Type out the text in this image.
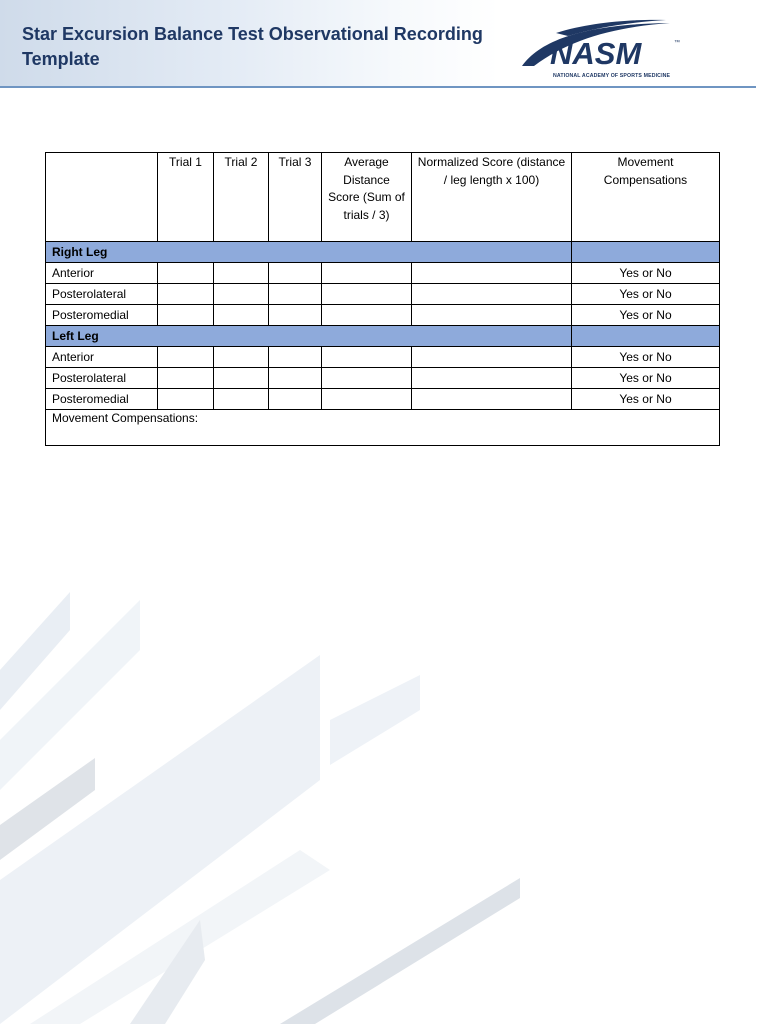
Star Excursion Balance Test Observational Recording Template	NASM	™
NATIONAL ACADEMY OF SPORTS MEDICINE
	Trial 1	Trial 2	Trial 3	Average Distance Score (Sum of trials / 3)	Normalized Score (distance / leg length x 100)	Movement Compensations
Right Leg						
Anterior						Yes or No
Posterolateral						Yes or No
Posteromedial						Yes or No
Left Leg						
Anterior						Yes or No
Posterolateral						Yes or No
Posteromedial						Yes or No
Movement Compensations:						
